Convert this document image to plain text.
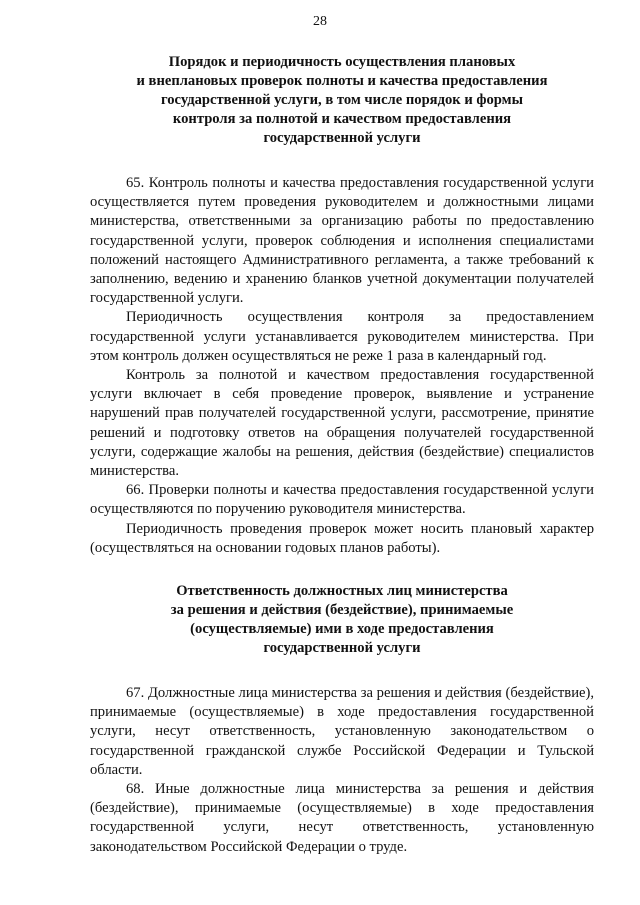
28
Порядок и периодичность осуществления плановых
и внеплановых проверок полноты и качества предоставления
государственной услуги, в том числе порядок и формы
контроля за полнотой и качеством предоставления
государственной услуги

65. Контроль полноты и качества предоставления государственной услуги осуществляется путем проведения руководителем и должностными лицами министерства, ответственными за организацию работы по предоставлению государственной услуги, проверок соблюдения и исполнения специалистами положений настоящего Административного регламента, а также требований к заполнению, ведению и хранению бланков учетной документации получателей государственной услуги.

Периодичность осуществления контроля за предоставлением государственной услуги устанавливается руководителем министерства. При этом контроль должен осуществляться не реже 1 раза в календарный год.

Контроль за полнотой и качеством предоставления государственной услуги включает в себя проведение проверок, выявление и устранение нарушений прав получателей государственной услуги, рассмотрение, принятие решений и подготовку ответов на обращения получателей государственной услуги, содержащие жалобы на решения, действия (бездействие) специалистов министерства.

66. Проверки полноты и качества предоставления государственной услуги осуществляются по поручению руководителя министерства.

Периодичность проведения проверок может носить плановый характер (осуществляться на основании годовых планов работы).

Ответственность должностных лиц министерства
за решения и действия (бездействие), принимаемые
(осуществляемые) ими в ходе предоставления
государственной услуги

67. Должностные лица министерства за решения и действия (бездействие), принимаемые (осуществляемые) в ходе предоставления государственной услуги, несут ответственность, установленную законодательством о государственной гражданской службе Российской Федерации и Тульской области.

68. Иные должностные лица министерства за решения и действия (бездействие), принимаемые (осуществляемые) в ходе предоставления государственной услуги, несут ответственность, установленную законодательством Российской Федерации о труде.
